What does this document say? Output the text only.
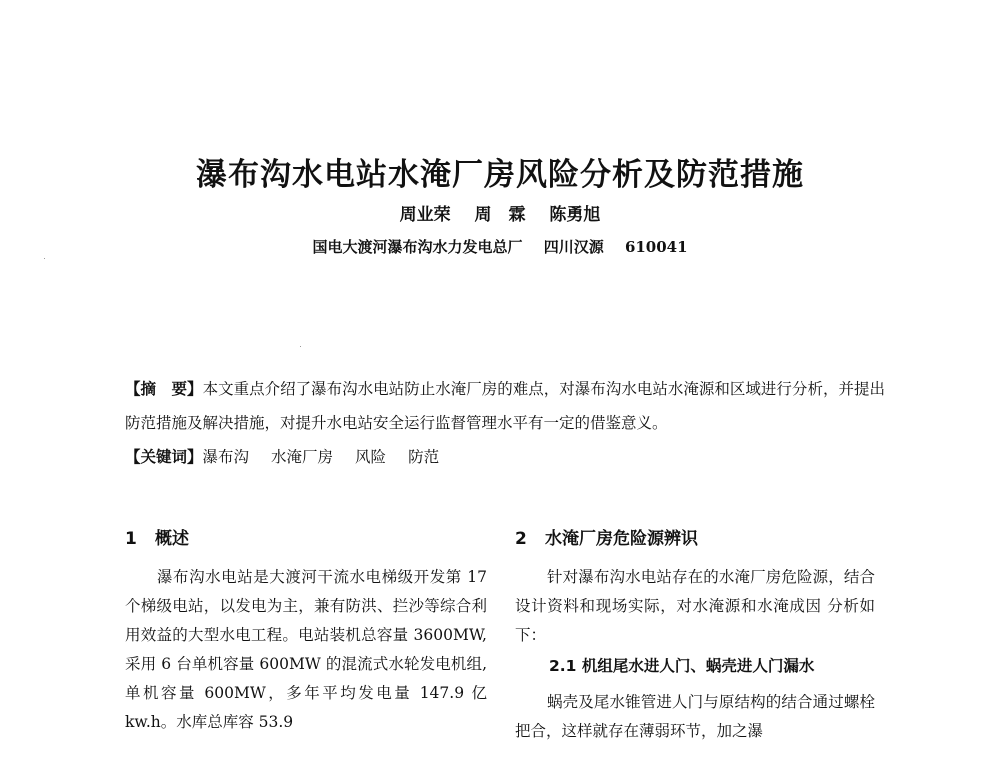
瀑布沟水电站水淹厂房风险分析及防范措施
周业荣 周　霖 陈勇旭
国电大渡河瀑布沟水力发电总厂 四川汉源 610041

【摘　要】本文重点介绍了瀑布沟水电站防止水淹厂房的难点，对瀑布沟水电站水淹源和区域进行分析，并提出防范措施及解决措施，对提升水电站安全运行监督管理水平有一定的借鉴意义。

【关键词】瀑布沟 水淹厂房 风险 防范

1 概述

瀑布沟水电站是大渡河干流水电梯级开发第 17 个梯级电站，以发电为主，兼有防洪、拦沙等综合利用效益的大型水电工程。电站装机总容量 3600MW,采用 6 台单机容量 600MW 的混流式水轮发电机组,单机容量 600MW，多年平均发电量 147.9 亿 kw.h。水库总库容 53.9

2 水淹厂房危险源辨识

针对瀑布沟水电站存在的水淹厂房危险源，结合设计资料和现场实际，对水淹源和水淹成因 分析如下：

2.1 机组尾水进人门、蜗壳进人门漏水

蜗壳及尾水锥管进人门与原结构的结合通过螺栓把合，这样就存在薄弱环节，加之瀑
